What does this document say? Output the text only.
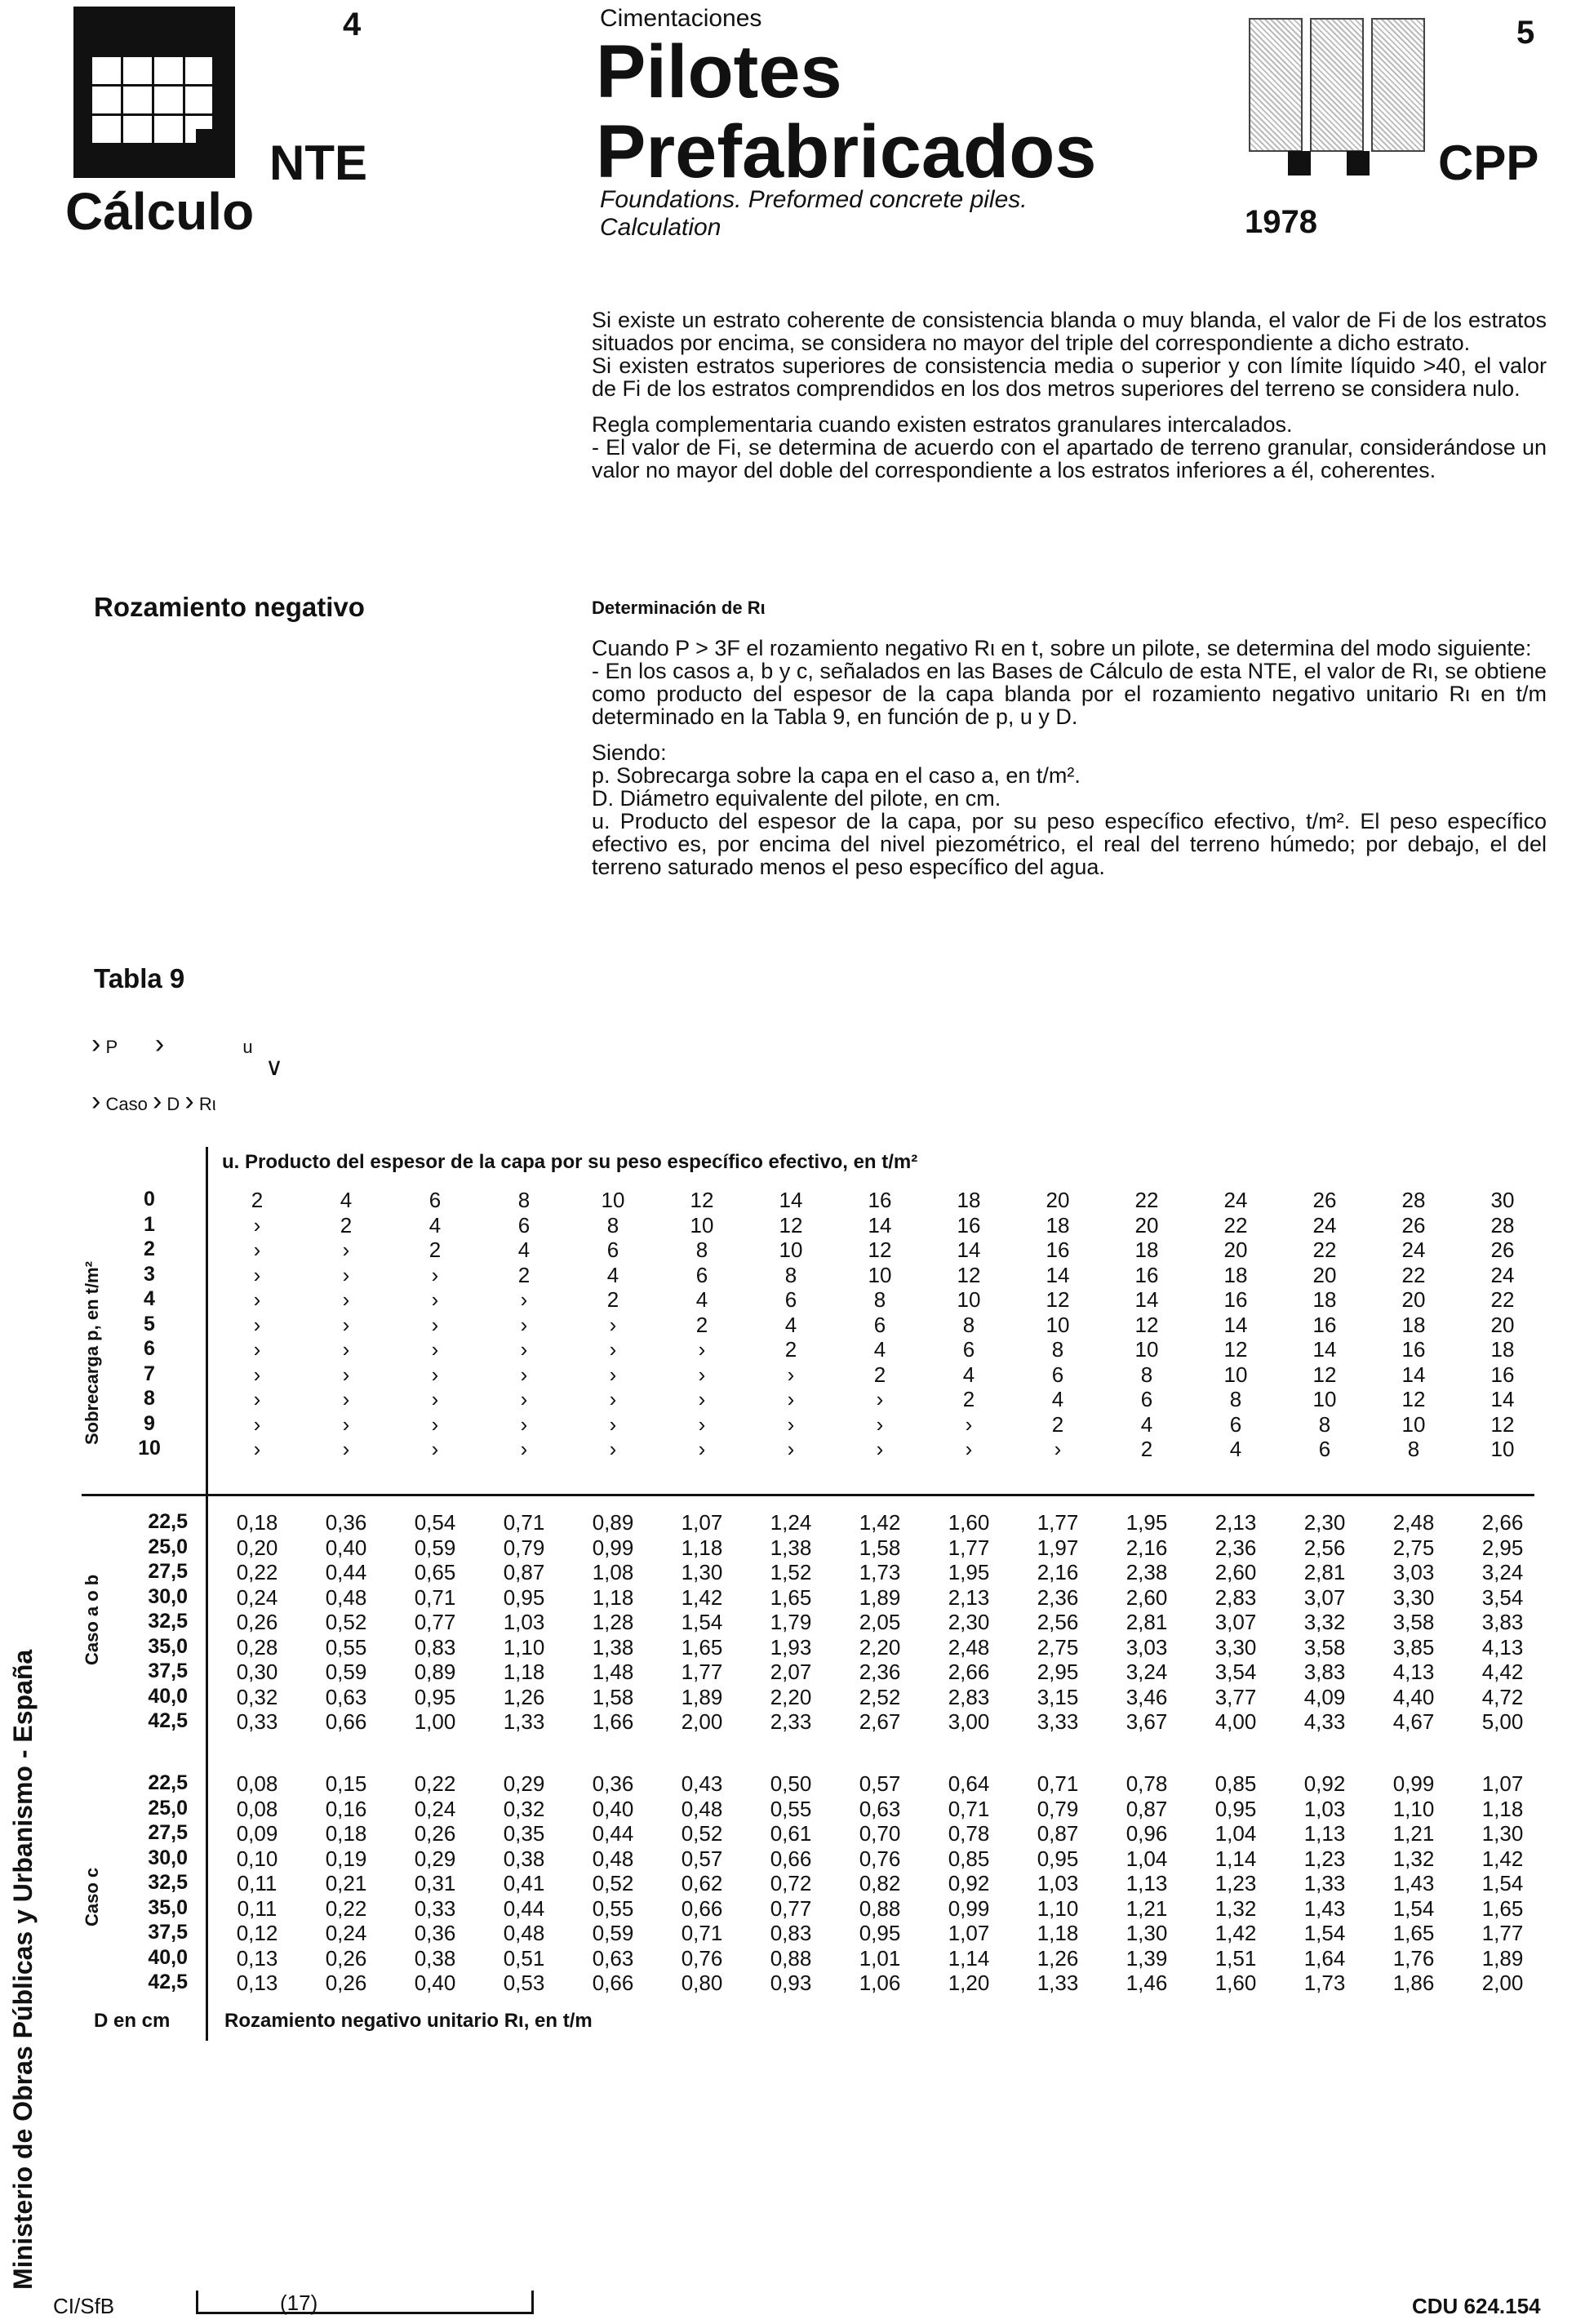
4
NTE
Cálculo
Cimentaciones
Pilotes
Prefabricados
Foundations. Preformed concrete piles.
Calculation
5
CPP
1978

Si existe un estrato coherente de consistencia blanda o muy blanda, el valor de Fi de los estratos situados por encima, se considera no mayor del triple del correspondiente a dicho estrato.

Si existen estratos superiores de consistencia media o superior y con límite líquido >40, el valor de Fi de los estratos comprendidos en los dos metros superiores del terreno se considera nulo.

Regla complementaria cuando existen estratos granulares intercalados.

- El valor de Fi, se determina de acuerdo con el apartado de terreno granular, considerándose un valor no mayor del doble del correspondiente a los estratos inferiores a él, coherentes.

Rozamiento negativo	Determinación de Rι

Cuando P > 3F el rozamiento negativo Rι en t, sobre un pilote, se determina del modo siguiente:

- En los casos a, b y c, señalados en las Bases de Cálculo de esta NTE, el valor de Rι, se obtiene como producto del espesor de la capa blanda por el rozamiento negativo unitario Rι en t/m determinado en la Tabla 9, en función de p, u y D.

Siendo:

p. Sobrecarga sobre la capa en el caso a, en t/m².

D. Diámetro equivalente del pilote, en cm.

u. Producto del espesor de la capa, por su peso específico efectivo, t/m². El peso específico efectivo es, por encima del nivel piezométrico, el real del terreno húmedo; por debajo, el del terreno saturado menos el peso específico del agua.

Tabla 9
› P ›	u
∨
› Caso › D › Rι
u. Producto del espesor de la capa por su peso específico efectivo, en t/m²
Sobrecarga p, en t/m²
Caso a o b
Caso c
0	2	4	6	8	10	12	14	16	18	20	22	24	26	28	30
1	›	2	4	6	8	10	12	14	16	18	20	22	24	26	28
2	›	›	2	4	6	8	10	12	14	16	18	20	22	24	26
3	›	›	›	2	4	6	8	10	12	14	16	18	20	22	24
4	›	›	›	›	2	4	6	8	10	12	14	16	18	20	22
5	›	›	›	›	›	2	4	6	8	10	12	14	16	18	20
6	›	›	›	›	›	›	2	4	6	8	10	12	14	16	18
7	›	›	›	›	›	›	›	2	4	6	8	10	12	14	16
8	›	›	›	›	›	›	›	›	2	4	6	8	10	12	14
9	›	›	›	›	›	›	›	›	›	2	4	6	8	10	12
10	›	›	›	›	›	›	›	›	›	›	2	4	6	8	10
22,5	0,18	0,36	0,54	0,71	0,89	1,07	1,24	1,42	1,60	1,77	1,95	2,13	2,30	2,48	2,66
25,0	0,20	0,40	0,59	0,79	0,99	1,18	1,38	1,58	1,77	1,97	2,16	2,36	2,56	2,75	2,95
27,5	0,22	0,44	0,65	0,87	1,08	1,30	1,52	1,73	1,95	2,16	2,38	2,60	2,81	3,03	3,24
30,0	0,24	0,48	0,71	0,95	1,18	1,42	1,65	1,89	2,13	2,36	2,60	2,83	3,07	3,30	3,54
32,5	0,26	0,52	0,77	1,03	1,28	1,54	1,79	2,05	2,30	2,56	2,81	3,07	3,32	3,58	3,83
35,0	0,28	0,55	0,83	1,10	1,38	1,65	1,93	2,20	2,48	2,75	3,03	3,30	3,58	3,85	4,13
37,5	0,30	0,59	0,89	1,18	1,48	1,77	2,07	2,36	2,66	2,95	3,24	3,54	3,83	4,13	4,42
40,0	0,32	0,63	0,95	1,26	1,58	1,89	2,20	2,52	2,83	3,15	3,46	3,77	4,09	4,40	4,72
42,5	0,33	0,66	1,00	1,33	1,66	2,00	2,33	2,67	3,00	3,33	3,67	4,00	4,33	4,67	5,00
22,5	0,08	0,15	0,22	0,29	0,36	0,43	0,50	0,57	0,64	0,71	0,78	0,85	0,92	0,99	1,07
25,0	0,08	0,16	0,24	0,32	0,40	0,48	0,55	0,63	0,71	0,79	0,87	0,95	1,03	1,10	1,18
27,5	0,09	0,18	0,26	0,35	0,44	0,52	0,61	0,70	0,78	0,87	0,96	1,04	1,13	1,21	1,30
30,0	0,10	0,19	0,29	0,38	0,48	0,57	0,66	0,76	0,85	0,95	1,04	1,14	1,23	1,32	1,42
32,5	0,11	0,21	0,31	0,41	0,52	0,62	0,72	0,82	0,92	1,03	1,13	1,23	1,33	1,43	1,54
35,0	0,11	0,22	0,33	0,44	0,55	0,66	0,77	0,88	0,99	1,10	1,21	1,32	1,43	1,54	1,65
37,5	0,12	0,24	0,36	0,48	0,59	0,71	0,83	0,95	1,07	1,18	1,30	1,42	1,54	1,65	1,77
40,0	0,13	0,26	0,38	0,51	0,63	0,76	0,88	1,01	1,14	1,26	1,39	1,51	1,64	1,76	1,89
42,5	0,13	0,26	0,40	0,53	0,66	0,80	0,93	1,06	1,20	1,33	1,46	1,60	1,73	1,86	2,00
D en cm	Rozamiento negativo unitario Rι, en t/m
Ministerio de Obras Públicas y Urbanismo - España
CI/SfB	(17)	CDU 624.154
